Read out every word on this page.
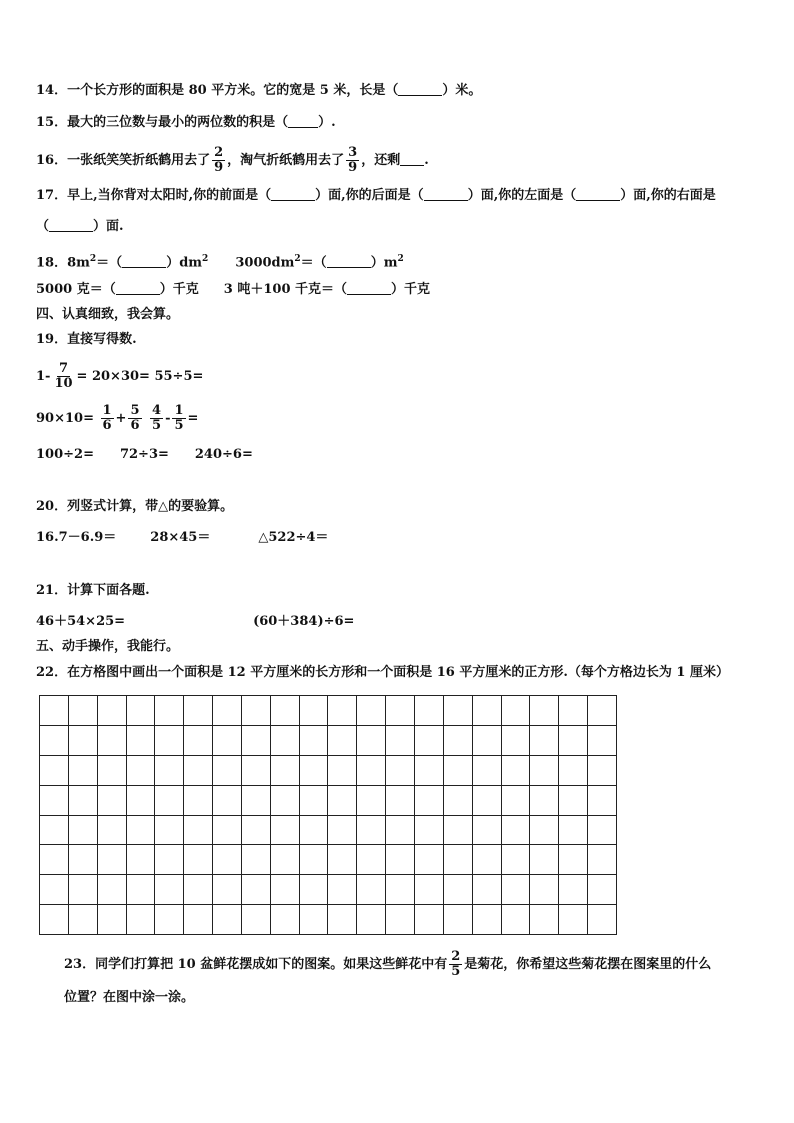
14．一个长方形的面积是 80 平方米。它的宽是 5 米，长是（	）米。
15．最大的三位数与最小的两位数的积是（ ）.
16．一张纸笑笑折纸鹤用去了 $\frac{2}{9}$ ，淘气折纸鹤用去了 $\frac{3}{9}$ ，还剩 .
17．早上,当你背对太阳时,你的前面是（	）面,你的后面是（	）面,你的左面是（	）面,你的右面是
（	）面.
18．$8m^2=$（	）$dm^2$ $3000dm^2=$（	）$m^2$
5000 克＝（	）千克 3 吨＋100 千克＝（	）千克
四、认真细致，我会算。
19．直接写得数.
$1- \frac{7}{10} = 20\times 30= 55\div 5=$
$90\times 10= \frac{1}{6} + \frac{5}{6}$
$\frac{4}{5} - \frac{1}{5}$ =
100÷2= 72÷3= 240÷6=
20．列竖式计算，带△的要验算。
16.7－6.9＝	28×45＝	△522÷4＝
21．计算下面各题.
46＋54×25=	(60＋384)÷6=
五、动手操作，我能行。
22．在方格图中画出一个面积是 12 平方厘米的长方形和一个面积是 16 平方厘米的正方形.（每个方格边长为 1 厘米）

23．同学们打算把 10 盆鲜花摆成如下的图案。如果这些鲜花中有 $\frac{2}{5}$ 是菊花，你希望这些菊花摆在图案里的什么
位置？在图中涂一涂。
